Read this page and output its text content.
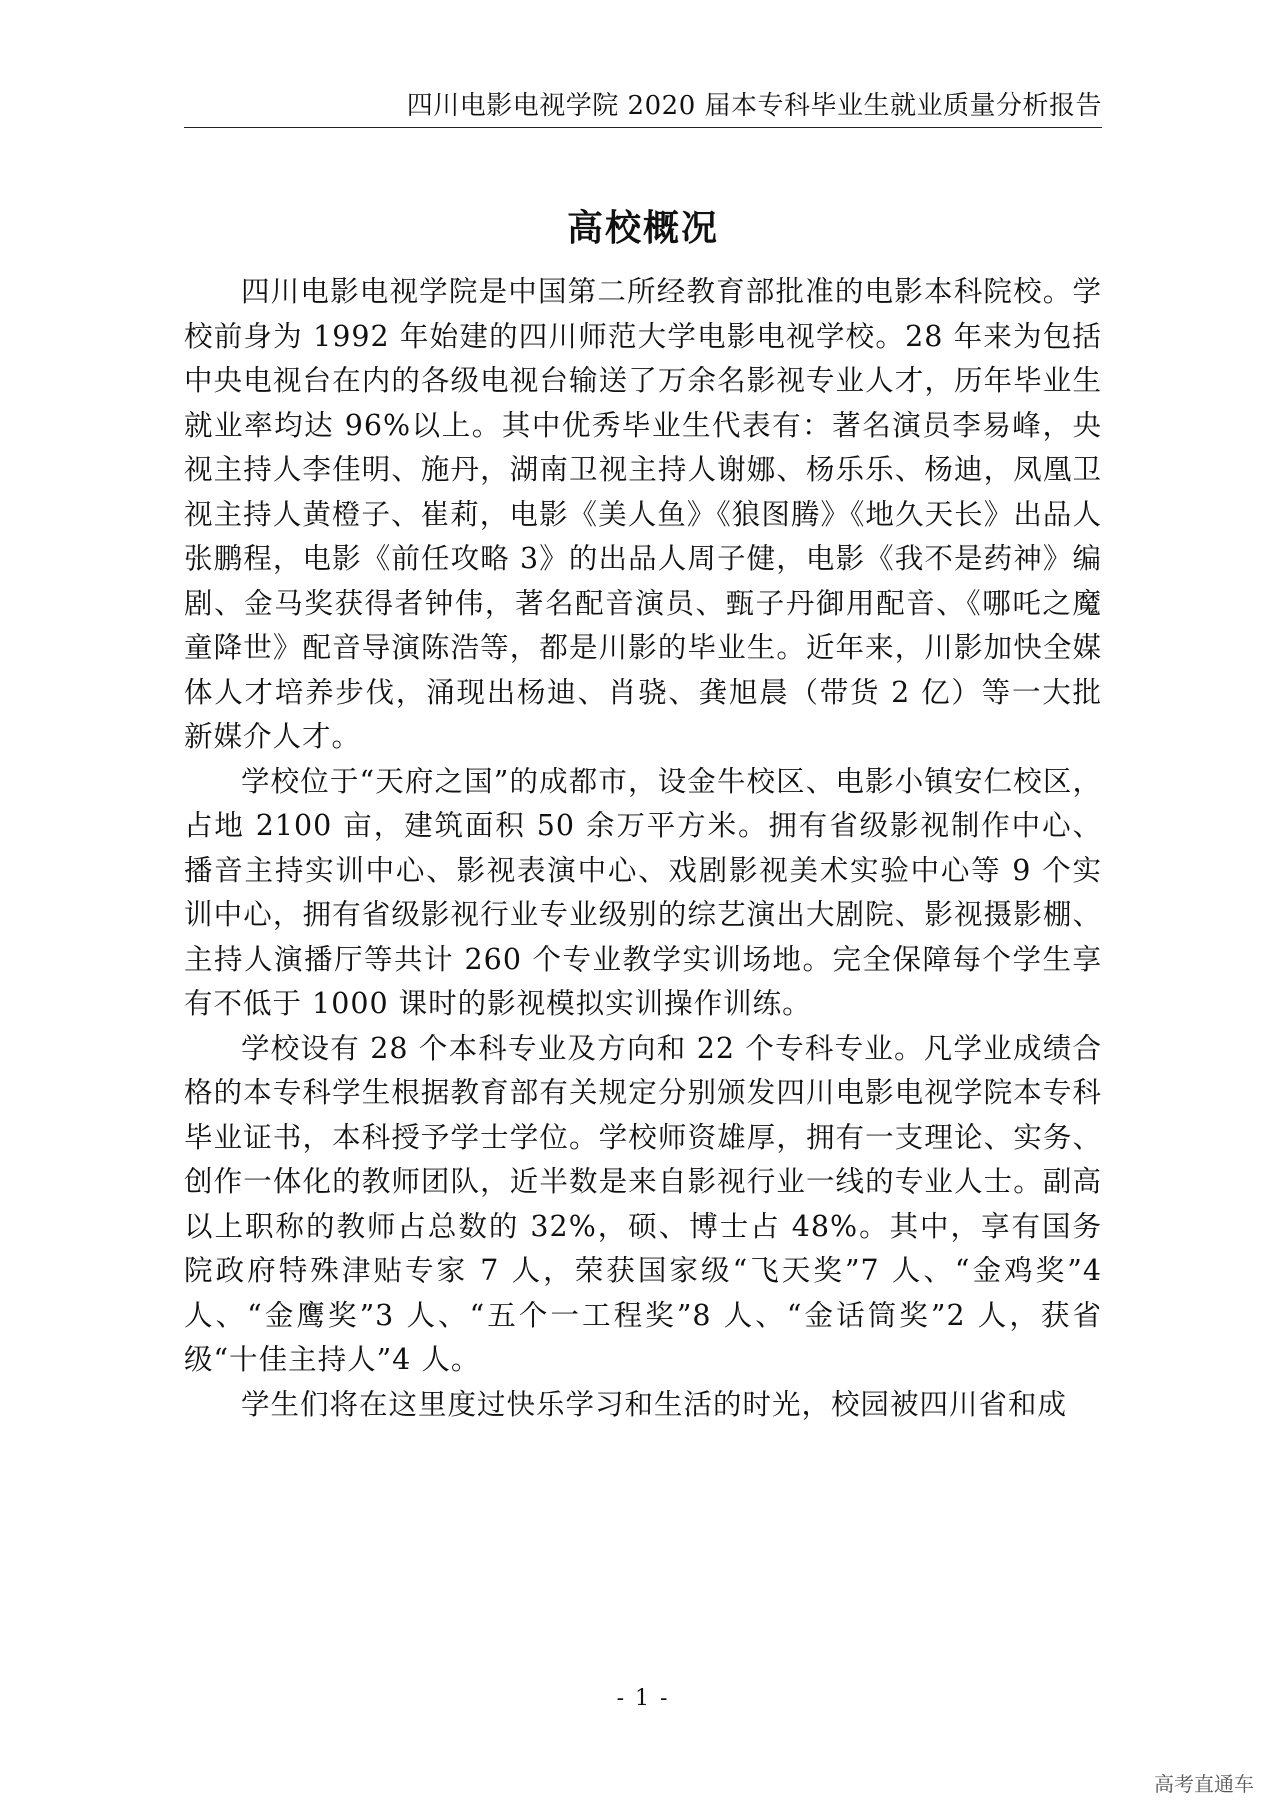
四川电影电视学院 2020 届本专科毕业生就业质量分析报告
高校概况

四川电影电视学院是中国第二所经教育部批准的电影本科院校。学校前身为 1992 年始建的四川师范大学电影电视学校。28 年来为包括中央电视台在内的各级电视台输送了万余名影视专业人才，历年毕业生就业率均达 96%以上。其中优秀毕业生代表有：著名演员李易峰，央视主持人李佳明、施丹，湖南卫视主持人谢娜、杨乐乐、杨迪，凤凰卫视主持人黄橙子、崔莉，电影《美人鱼》《狼图腾》《地久天长》出品人张鹏程，电影《前任攻略 3》的出品人周子健，电影《我不是药神》编剧、金马奖获得者钟伟，著名配音演员、甄子丹御用配音、《哪吒之魔童降世》配音导演陈浩等，都是川影的毕业生。近年来，川影加快全媒体人才培养步伐，涌现出杨迪、肖骁、龚旭晨（带货 2 亿）等一大批新媒介人才。

学校位于“天府之国”的成都市，设金牛校区、电影小镇安仁校区，占地 2100 亩，建筑面积 50 余万平方米。拥有省级影视制作中心、播音主持实训中心、影视表演中心、戏剧影视美术实验中心等 9 个实训中心，拥有省级影视行业专业级别的综艺演出大剧院、影视摄影棚、主持人演播厅等共计 260 个专业教学实训场地。完全保障每个学生享有不低于 1000 课时的影视模拟实训操作训练。

学校设有 28 个本科专业及方向和 22 个专科专业。凡学业成绩合格的本专科学生根据教育部有关规定分别颁发四川电影电视学院本专科毕业证书，本科授予学士学位。学校师资雄厚，拥有一支理论、实务、创作一体化的教师团队，近半数是来自影视行业一线的专业人士。副高以上职称的教师占总数的 32%，硕、博士占 48%。其中，享有国务院政府特殊津贴专家 7 人，荣获国家级“飞天奖”7 人、“金鸡奖”4 人、“金鹰奖”3 人、“五个一工程奖”8 人、“金话筒奖”2 人，获省级“十佳主持人”4 人。

学生们将在这里度过快乐学习和生活的时光，校园被四川省和成

- 1 -
高考直通车
